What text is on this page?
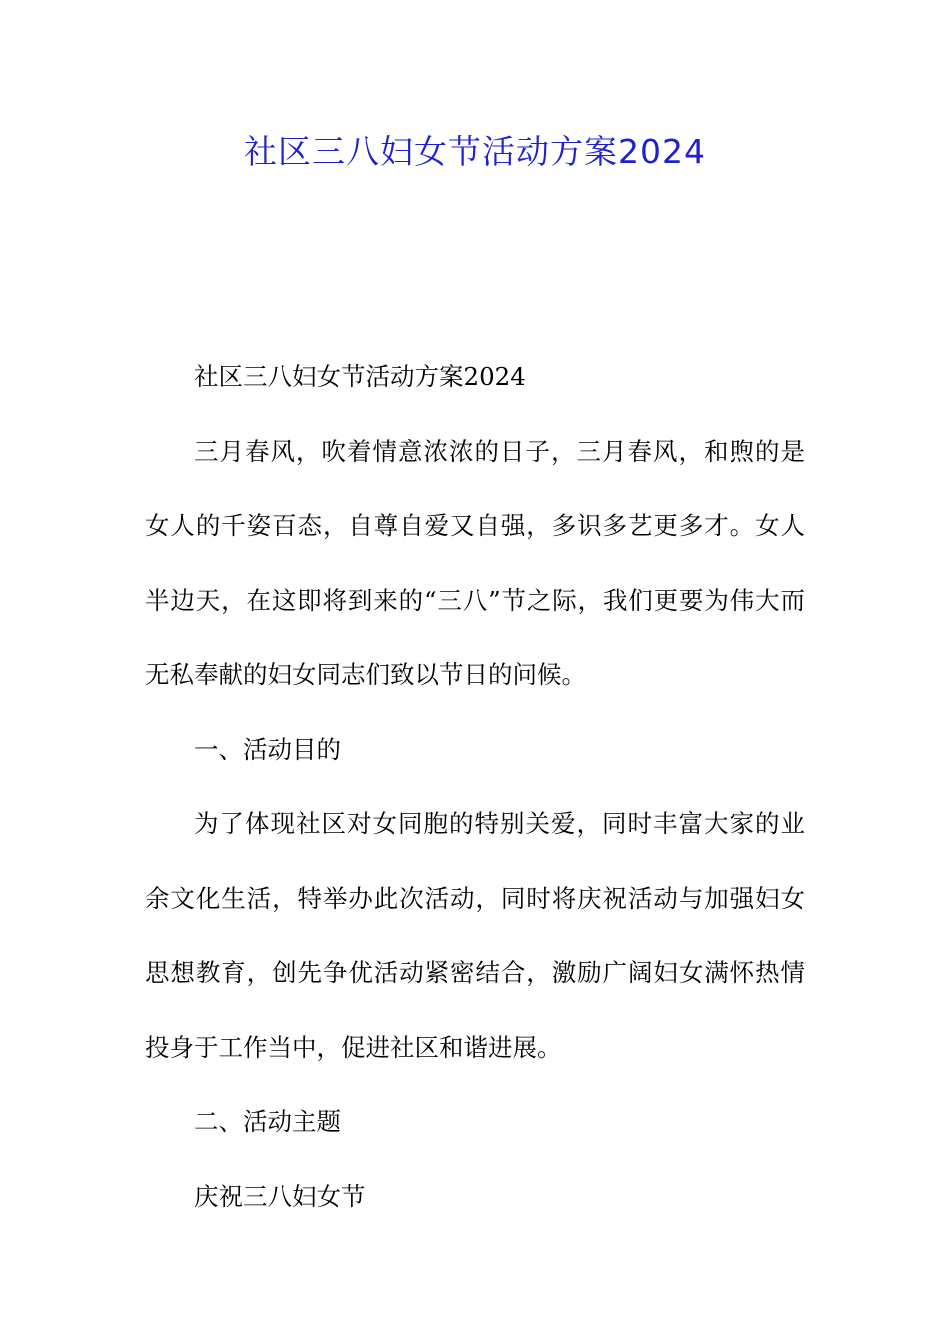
社区三八妇女节活动方案2024

社区三八妇女节活动方案2024

三月春风，吹着情意浓浓的日子，三月春风，和煦的是女人的千姿百态，自尊自爱又自强，多识多艺更多才。女人半边天，在这即将到来的“三八”节之际，我们更要为伟大而无私奉献的妇女同志们致以节日的问候。

一、活动目的

为了体现社区对女同胞的特别关爱，同时丰富大家的业余文化生活，特举办此次活动，同时将庆祝活动与加强妇女思想教育，创先争优活动紧密结合，激励广阔妇女满怀热情投身于工作当中，促进社区和谐进展。

二、活动主题

庆祝三八妇女节
